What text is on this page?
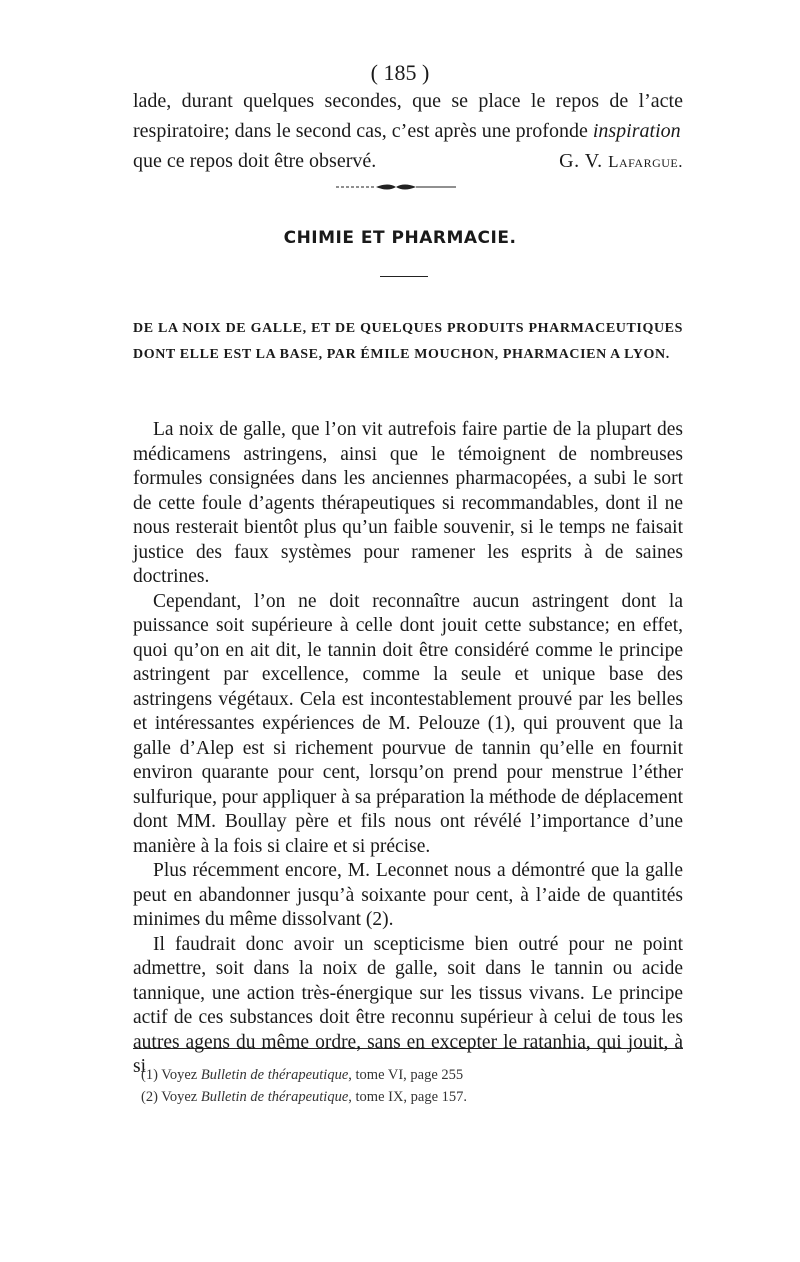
( 185 )
lade, durant quelques secondes, que se place le repos de l’acte respiratoire; dans le second cas, c’est après une profonde inspiration
que ce repos doit être observé.	G. V. Lafargue.
CHIMIE ET PHARMACIE.
DE LA NOIX DE GALLE, ET DE QUELQUES PRODUITS PHARMACEUTIQUES DONT ELLE EST LA BASE, PAR ÉMILE MOUCHON, PHARMACIEN A LYON.

La noix de galle, que l’on vit autrefois faire partie de la plupart des médicamens astringens, ainsi que le témoignent de nombreuses formules consignées dans les anciennes pharmacopées, a subi le sort de cette foule d’agents thérapeutiques si recommandables, dont il ne nous resterait bientôt plus qu’un faible souvenir, si le temps ne faisait justice des faux systèmes pour ramener les esprits à de saines doctrines.

Cependant, l’on ne doit reconnaître aucun astringent dont la puissance soit supérieure à celle dont jouit cette substance; en effet, quoi qu’on en ait dit, le tannin doit être considéré comme le principe astringent par excellence, comme la seule et unique base des astringens végétaux. Cela est incontestablement prouvé par les belles et intéressantes expériences de M. Pelouze (1), qui prouvent que la galle d’Alep est si richement pourvue de tannin qu’elle en fournit environ quarante pour cent, lorsqu’on prend pour menstrue l’éther sulfurique, pour appliquer à sa préparation la méthode de déplacement dont MM. Boullay père et fils nous ont révélé l’importance d’une manière à la fois si claire et si précise.

Plus récemment encore, M. Leconnet nous a démontré que la galle peut en abandonner jusqu’à soixante pour cent, à l’aide de quantités minimes du même dissolvant (2).

Il faudrait donc avoir un scepticisme bien outré pour ne point admettre, soit dans la noix de galle, soit dans le tannin ou acide tannique, une action très-énergique sur les tissus vivans. Le principe actif de ces substances doit être reconnu supérieur à celui de tous les autres agens du même ordre, sans en excepter le ratanhia, qui jouit, à si

(1) Voyez Bulletin de thérapeutique, tome VI, page 255
(2) Voyez Bulletin de thérapeutique, tome IX, page 157.
